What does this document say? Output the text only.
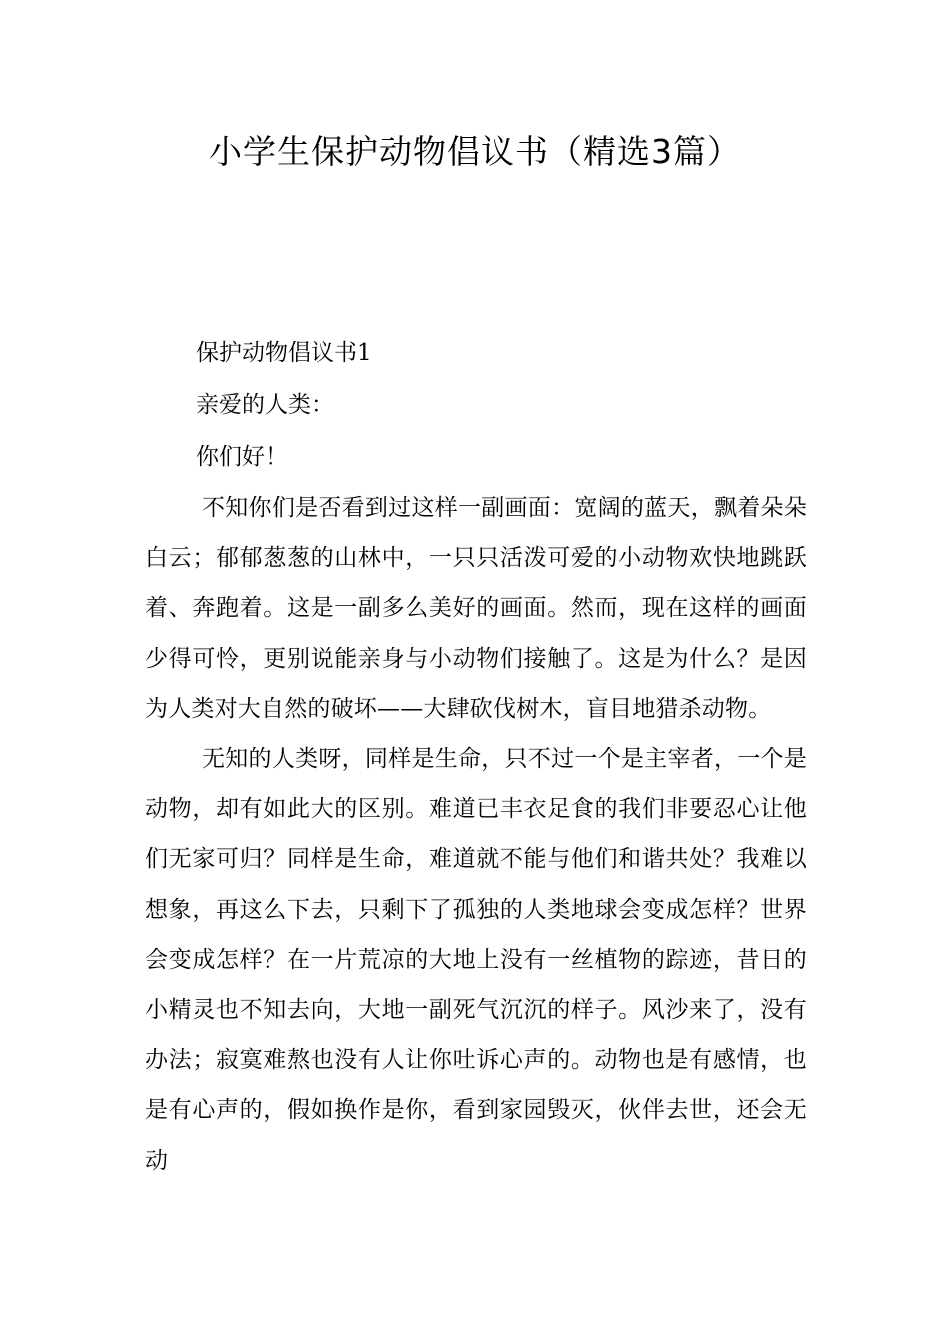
小学生保护动物倡议书（精选3篇）

保护动物倡议书1

亲爱的人类：

你们好！

不知你们是否看到过这样一副画面：宽阔的蓝天，飘着朵朵白云；郁郁葱葱的山林中，一只只活泼可爱的小动物欢快地跳跃着、奔跑着。这是一副多么美好的画面。然而，现在这样的画面少得可怜，更别说能亲身与小动物们接触了。这是为什么？是因为人类对大自然的破坏——大肆砍伐树木，盲目地猎杀动物。

无知的人类呀，同样是生命，只不过一个是主宰者，一个是动物，却有如此大的区别。难道已丰衣足食的我们非要忍心让他们无家可归？同样是生命，难道就不能与他们和谐共处？我难以想象，再这么下去，只剩下了孤独的人类地球会变成怎样？世界会变成怎样？在一片荒凉的大地上没有一丝植物的踪迹，昔日的小精灵也不知去向，大地一副死气沉沉的样子。风沙来了，没有办法；寂寞难熬也没有人让你吐诉心声的。动物也是有感情，也是有心声的，假如换作是你，看到家园毁灭，伙伴去世，还会无动
